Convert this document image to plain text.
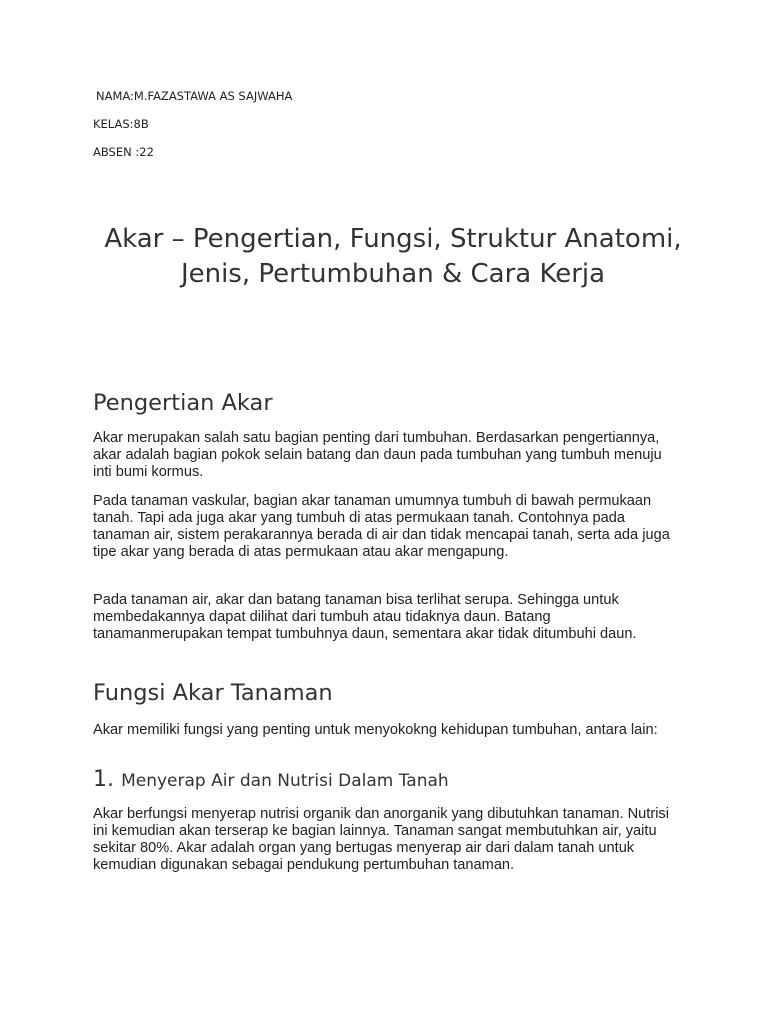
NAMA:M.FAZASTAWA AS SAJWAHA
KELAS:8B
ABSEN :22
Akar – Pengertian, Fungsi, Struktur Anatomi, Jenis, Pertumbuhan & Cara Kerja
Pengertian Akar
Akar merupakan salah satu bagian penting dari tumbuhan. Berdasarkan pengertiannya, akar adalah bagian pokok selain batang dan daun pada tumbuhan yang tumbuh menuju inti bumi kormus.
Pada tanaman vaskular, bagian akar tanaman umumnya tumbuh di bawah permukaan tanah. Tapi ada juga akar yang tumbuh di atas permukaan tanah. Contohnya pada tanaman air, sistem perakarannya berada di air dan tidak mencapai tanah, serta ada juga tipe akar yang berada di atas permukaan atau akar mengapung.
Pada tanaman air, akar dan batang tanaman bisa terlihat serupa. Sehingga untuk membedakannya dapat dilihat dari tumbuh atau tidaknya daun. Batang tanamanmerupakan tempat tumbuhnya daun, sementara akar tidak ditumbuhi daun.
Fungsi Akar Tanaman
Akar memiliki fungsi yang penting untuk menyokokng kehidupan tumbuhan, antara lain:
1. Menyerap Air dan Nutrisi Dalam Tanah
Akar berfungsi menyerap nutrisi organik dan anorganik yang dibutuhkan tanaman. Nutrisi ini kemudian akan terserap ke bagian lainnya. Tanaman sangat membutuhkan air, yaitu sekitar 80%. Akar adalah organ yang bertugas menyerap air dari dalam tanah untuk kemudian digunakan sebagai pendukung pertumbuhan tanaman.
